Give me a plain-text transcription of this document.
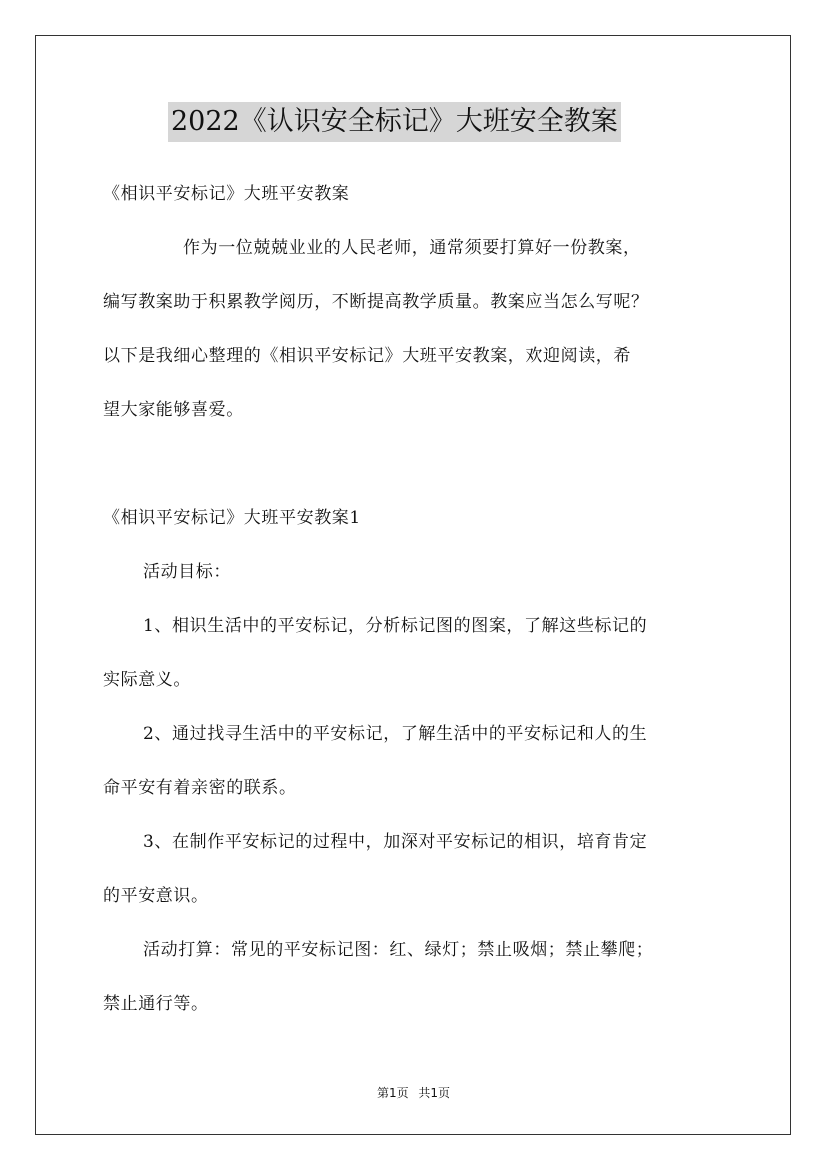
2022《认识安全标记》大班安全教案
《相识平安标记》大班平安教案
作为一位兢兢业业的人民老师，通常须要打算好一份教案，
编写教案助于积累教学阅历，不断提高教学质量。教案应当怎么写呢？
以下是我细心整理的《相识平安标记》大班平安教案，欢迎阅读，希
望大家能够喜爱。
《相识平安标记》大班平安教案1
活动目标：
1、相识生活中的平安标记，分析标记图的图案，了解这些标记的
实际意义。
2、通过找寻生活中的平安标记，了解生活中的平安标记和人的生
命平安有着亲密的联系。
3、在制作平安标记的过程中，加深对平安标记的相识，培育肯定
的平安意识。
活动打算：常见的平安标记图：红、绿灯；禁止吸烟；禁止攀爬；
禁止通行等。
第1页 共1页
